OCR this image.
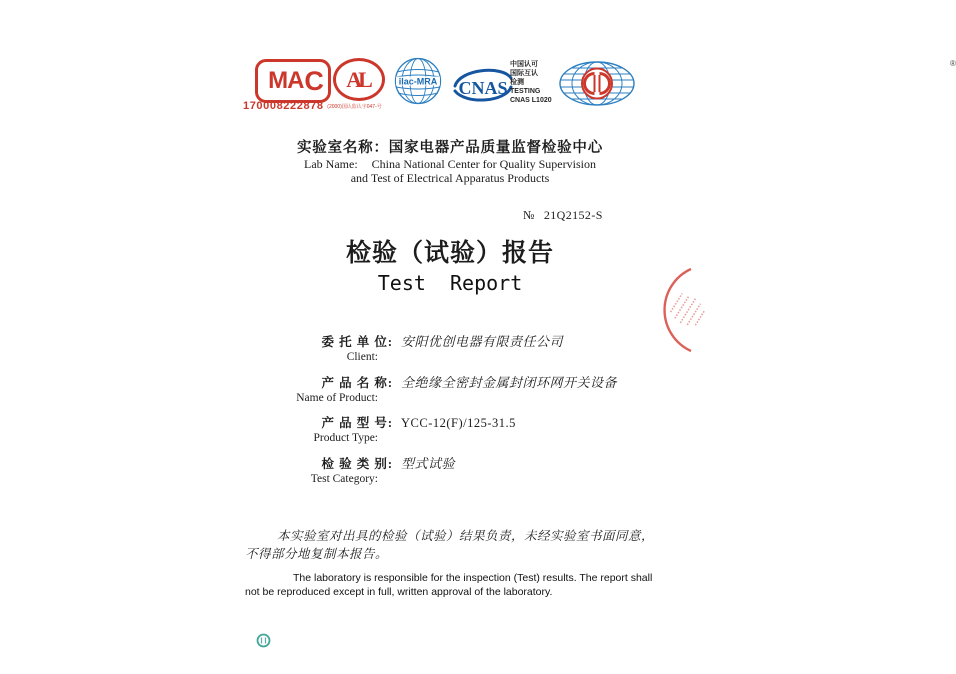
MA C
170008222878 (2000)国认监认字047-号
AL	ilac-MRA CNAS
中国认可
国际互认
检测
TESTING
CNAS L1020
®
实验室名称：国家电器产品质量监督检验中心
Lab Name: China National Center for Quality Supervision
and Test of Electrical Apparatus Products
№ 21Q2152-S
检验（试验）报告
Test  Report
委 托 单 位: 安阳优创电器有限责任公司
Client:
产 品 名 称: 全绝缘全密封金属封闭环网开关设备
Name of Product:
产 品 型 号: YCC-12(F)/125-31.5
Product Type:
检 验 类 别: 型式试验
Test Category:
本实验室对出具的检验（试验）结果负责，未经实验室书面同意，不得部分地复制本报告。
The laboratory is responsible for the inspection (Test) results. The report shall not be reproduced except in full, written approval of the laboratory.
